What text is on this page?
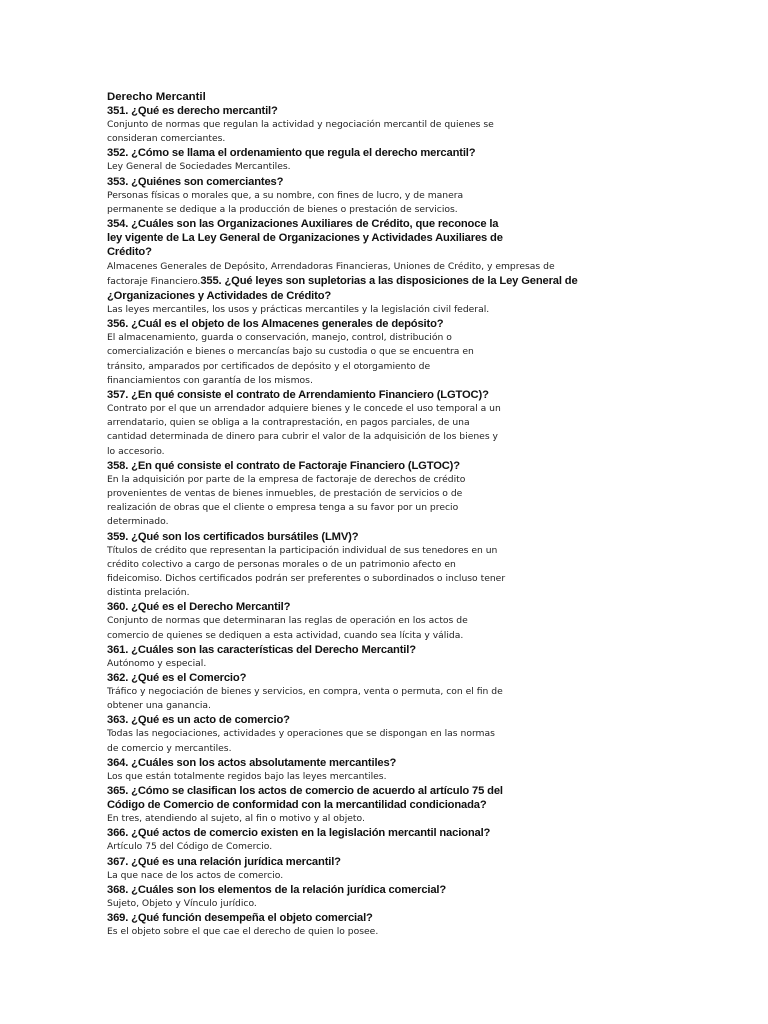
Derecho Mercantil

351. ¿Qué es derecho mercantil?

Conjunto de normas que regulan la actividad y negociación mercantil de quienes se consideran comerciantes.

352. ¿Cómo se llama el ordenamiento que regula el derecho mercantil?

Ley General de Sociedades Mercantiles.

353. ¿Quiénes son comerciantes?

Personas físicas o morales que, a su nombre, con fines de lucro, y de manera permanente se dedique a la producción de bienes o prestación de servicios.

354. ¿Cuáles son las Organizaciones Auxiliares de Crédito, que reconoce la ley vigente de La Ley General de Organizaciones y Actividades Auxiliares de Crédito?

Almacenes Generales de Depósito, Arrendadoras Financieras, Uniones de Crédito, y empresas de factoraje Financiero.355. ¿Qué leyes son supletorias a las disposiciones de la Ley General de ¿Organizaciones y Actividades de Crédito?

Las leyes mercantiles, los usos y prácticas mercantiles y la legislación civil federal.

356. ¿Cuál es el objeto de los Almacenes generales de depósito?

El almacenamiento, guarda o conservación, manejo, control, distribución o comercialización e bienes o mercancías bajo su custodia o que se encuentra en tránsito, amparados por certificados de depósito y el otorgamiento de financiamientos con garantía de los mismos.

357. ¿En qué consiste el contrato de Arrendamiento Financiero (LGTOC)?

Contrato por el que un arrendador adquiere bienes y le concede el uso temporal a un arrendatario, quien se obliga a la contraprestación, en pagos parciales, de una cantidad determinada de dinero para cubrir el valor de la adquisición de los bienes y lo accesorio.

358. ¿En qué consiste el contrato de Factoraje Financiero (LGTOC)?

En la adquisición por parte de la empresa de factoraje de derechos de crédito provenientes de ventas de bienes inmuebles, de prestación de servicios o de realización de obras que el cliente o empresa tenga a su favor por un precio determinado.

359. ¿Qué son los certificados bursátiles (LMV)?

Títulos de crédito que representan la participación individual de sus tenedores en un crédito colectivo a cargo de personas morales o de un patrimonio afecto en fideicomiso. Dichos certificados podrán ser preferentes o subordinados o incluso tener distinta prelación.

360. ¿Qué es el Derecho Mercantil?

Conjunto de normas que determinaran las reglas de operación en los actos de comercio de quienes se dediquen a esta actividad, cuando sea lícita y válida.

361. ¿Cuáles son las características del Derecho Mercantil?

Autónomo y especial.

362. ¿Qué es el Comercio?

Tráfico y negociación de bienes y servicios, en compra, venta o permuta, con el fin de obtener una ganancia.

363. ¿Qué es un acto de comercio?

Todas las negociaciones, actividades y operaciones que se dispongan en las normas de comercio y mercantiles.

364. ¿Cuáles son los actos absolutamente mercantiles?

Los que están totalmente regidos bajo las leyes mercantiles.

365. ¿Cómo se clasifican los actos de comercio de acuerdo al artículo 75 del Código de Comercio de conformidad con la mercantilidad condicionada?

En tres, atendiendo al sujeto, al fin o motivo y al objeto.

366. ¿Qué actos de comercio existen en la legislación mercantil nacional?

Artículo 75 del Código de Comercio.

367. ¿Qué es una relación jurídica mercantil?

La que nace de los actos de comercio.

368. ¿Cuáles son los elementos de la relación jurídica comercial?

Sujeto, Objeto y Vínculo jurídico.

369. ¿Qué función desempeña el objeto comercial?

Es el objeto sobre el que cae el derecho de quien lo posee.
